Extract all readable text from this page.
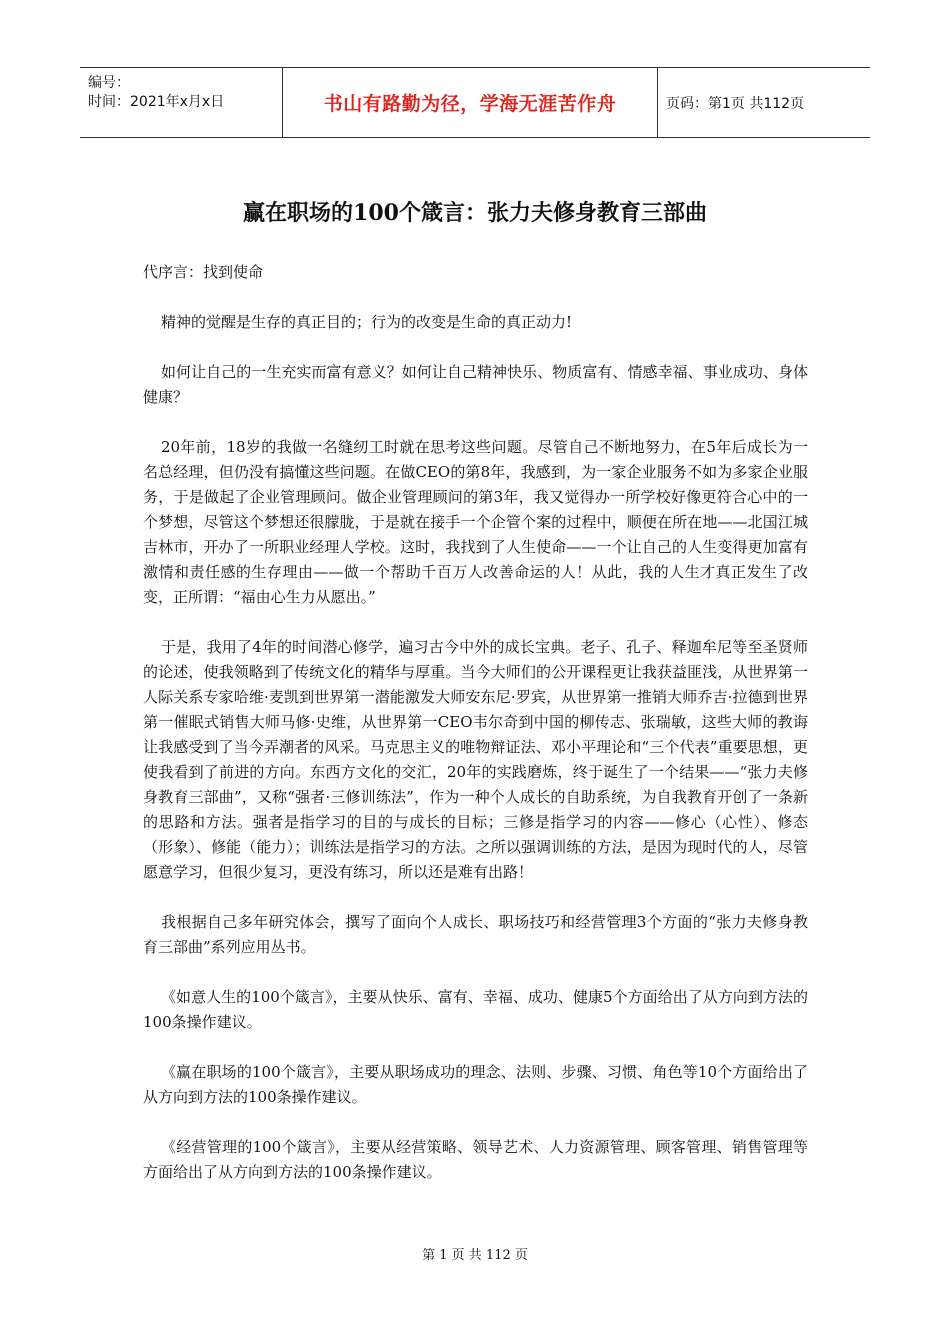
编号：
时间：2021年x月x日	书山有路勤为径，学海无涯苦作舟	页码：第1页 共112页
赢在职场的100个箴言：张力夫修身教育三部曲

代序言：找到使命

精神的觉醒是生存的真正目的；行为的改变是生命的真正动力!

如何让自己的一生充实而富有意义？如何让自己精神快乐、物质富有、情感幸福、事业成功、身体健康？

20年前，18岁的我做一名缝纫工时就在思考这些问题。尽管自己不断地努力，在5年后成长为一名总经理，但仍没有搞懂这些问题。在做CEO的第8年，我感到，为一家企业服务不如为多家企业服务，于是做起了企业管理顾问。做企业管理顾问的第3年，我又觉得办一所学校好像更符合心中的一个梦想，尽管这个梦想还很朦胧，于是就在接手一个企管个案的过程中，顺便在所在地——北国江城吉林市，开办了一所职业经理人学校。这时，我找到了人生使命——一个让自己的人生变得更加富有激情和责任感的生存理由——做一个帮助千百万人改善命运的人！从此，我的人生才真正发生了改变，正所谓：“福由心生力从愿出。”

于是，我用了4年的时间潜心修学，遍习古今中外的成长宝典。老子、孔子、释迦牟尼等至圣贤师的论述，使我领略到了传统文化的精华与厚重。当今大师们的公开课程更让我获益匪浅，从世界第一人际关系专家哈维·麦凯到世界第一潜能激发大师安东尼·罗宾，从世界第一推销大师乔吉·拉德到世界第一催眠式销售大师马修·史维，从世界第一CEO韦尔奇到中国的柳传志、张瑞敏，这些大师的教诲让我感受到了当今弄潮者的风采。马克思主义的唯物辩证法、邓小平理论和“三个代表”重要思想，更使我看到了前进的方向。东西方文化的交汇，20年的实践磨炼，终于诞生了一个结果——“张力夫修身教育三部曲”，又称“强者·三修训练法”，作为一种个人成长的自助系统，为自我教育开创了一条新的思路和方法。强者是指学习的目的与成长的目标；三修是指学习的内容——修心（心性）、修态（形象）、修能（能力）；训练法是指学习的方法。之所以强调训练的方法，是因为现时代的人，尽管愿意学习，但很少复习，更没有练习，所以还是难有出路！

我根据自己多年研究体会，撰写了面向个人成长、职场技巧和经营管理3个方面的“张力夫修身教育三部曲”系列应用丛书。

《如意人生的100个箴言》，主要从快乐、富有、幸福、成功、健康5个方面给出了从方向到方法的100条操作建议。

《赢在职场的100个箴言》，主要从职场成功的理念、法则、步骤、习惯、角色等10个方面给出了从方向到方法的100条操作建议。

《经营管理的100个箴言》，主要从经营策略、领导艺术、人力资源管理、顾客管理、销售管理等方面给出了从方向到方法的100条操作建议。

第 1 页 共 112 页
